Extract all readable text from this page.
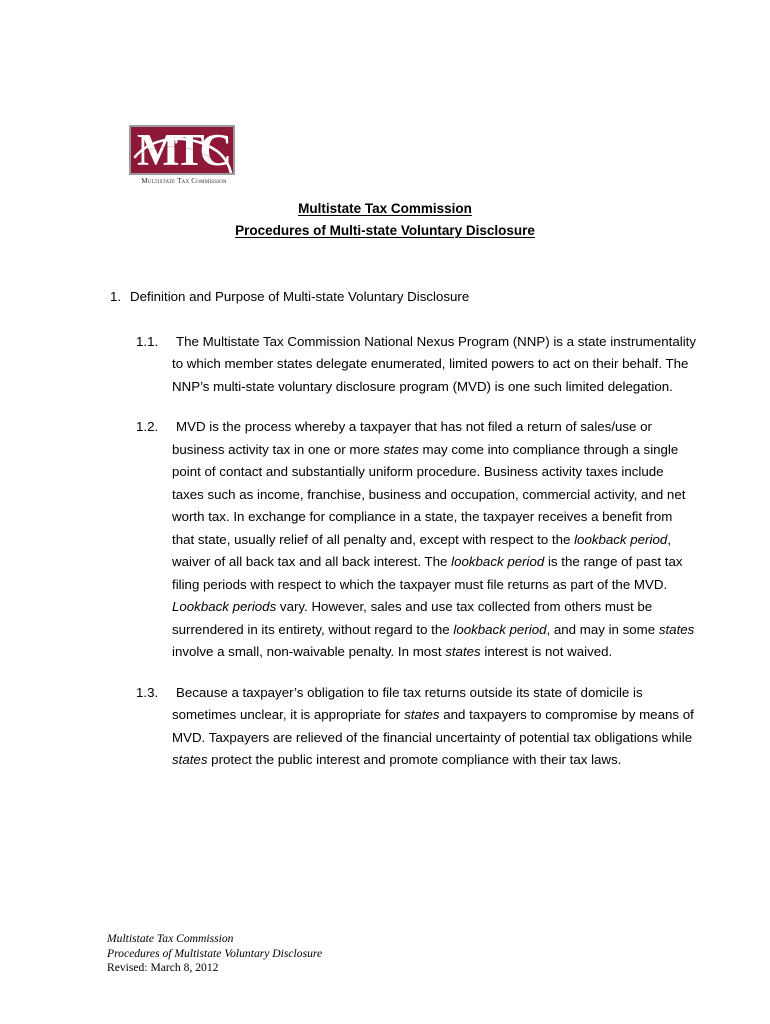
MTC
Multistate Tax Commission
Multistate Tax Commission
Procedures of Multi-state Voluntary Disclosure
1. Definition and Purpose of Multi-state Voluntary Disclosure
1.1. The Multistate Tax Commission National Nexus Program (NNP) is a state instrumentality to which member states delegate enumerated, limited powers to act on their behalf. The NNP’s multi-state voluntary disclosure program (MVD) is one such limited delegation.
1.2. MVD is the process whereby a taxpayer that has not filed a return of sales/use or business activity tax in one or more states may come into compliance through a single point of contact and substantially uniform procedure. Business activity taxes include taxes such as income, franchise, business and occupation, commercial activity, and net worth tax. In exchange for compliance in a state, the taxpayer receives a benefit from that state, usually relief of all penalty and, except with respect to the lookback period, waiver of all back tax and all back interest. The lookback period is the range of past tax filing periods with respect to which the taxpayer must file returns as part of the MVD. Lookback periods vary. However, sales and use tax collected from others must be surrendered in its entirety, without regard to the lookback period, and may in some states involve a small, non-waivable penalty. In most states interest is not waived.
1.3. Because a taxpayer’s obligation to file tax returns outside its state of domicile is sometimes unclear, it is appropriate for states and taxpayers to compromise by means of MVD. Taxpayers are relieved of the financial uncertainty of potential tax obligations while states protect the public interest and promote compliance with their tax laws.
Multistate Tax Commission
Procedures of Multistate Voluntary Disclosure
Revised: March 8, 2012
